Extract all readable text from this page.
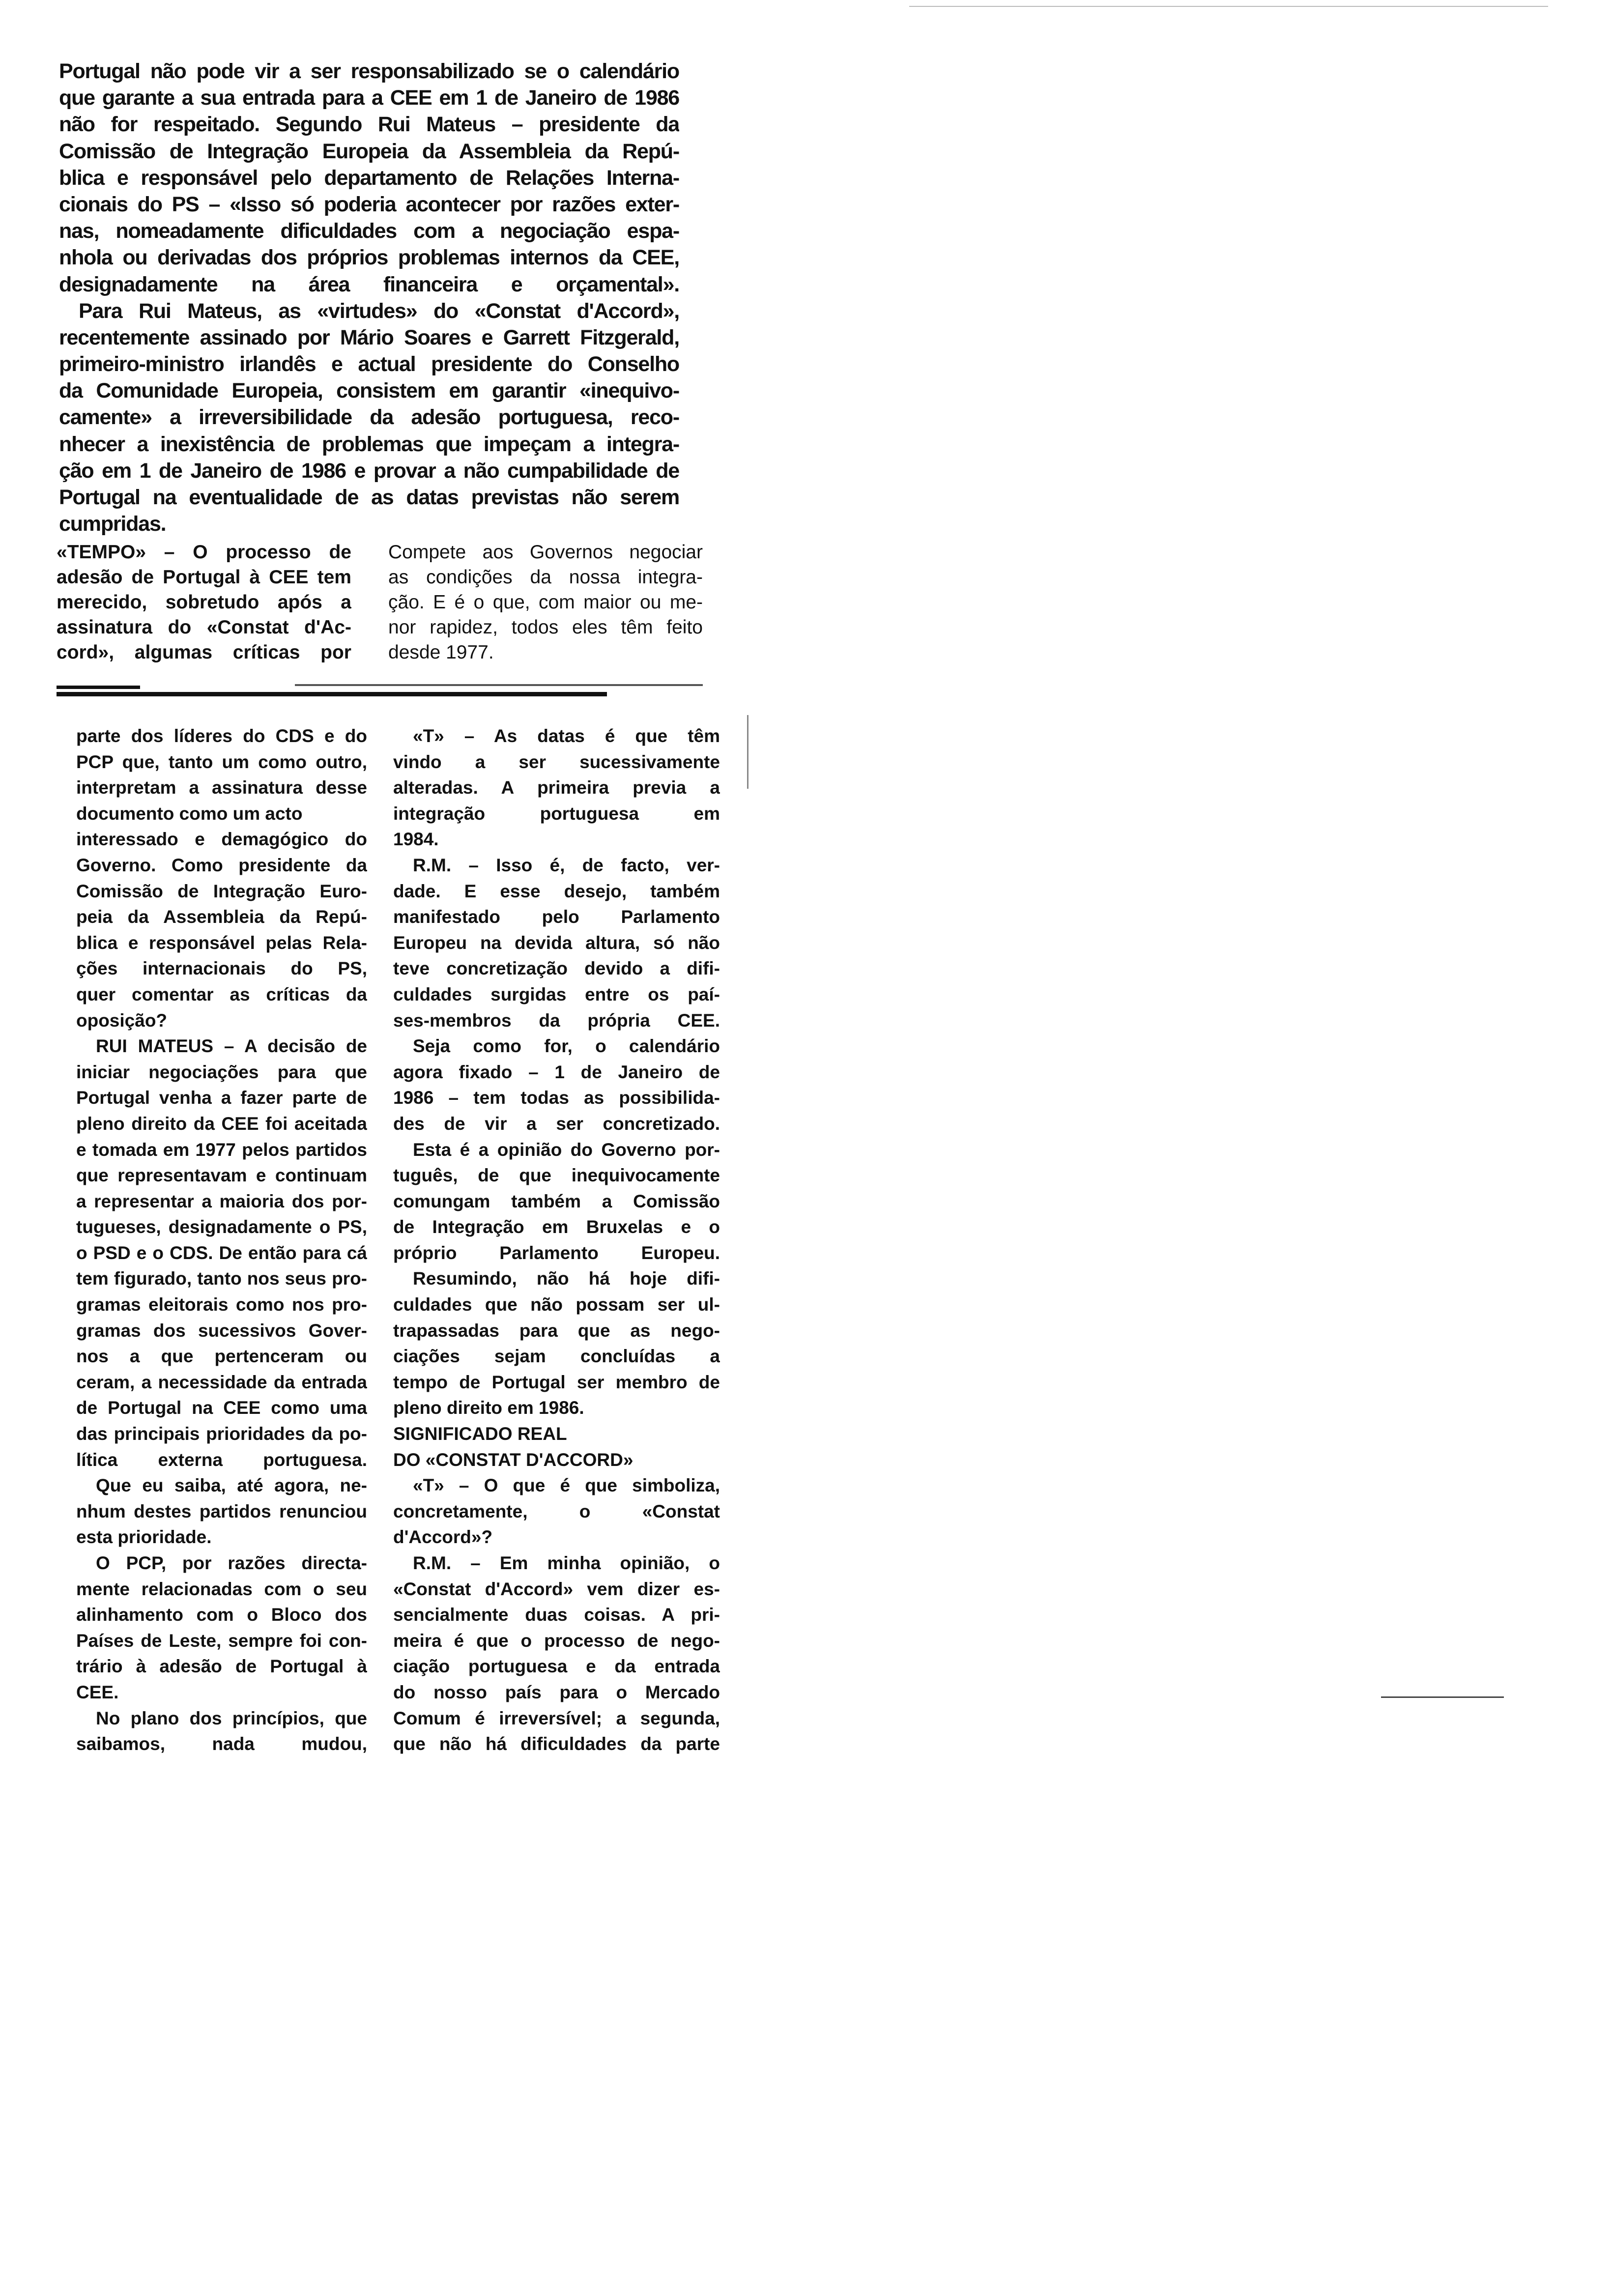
Portugal não pode vir a ser responsabilizado se o calendário
que garante a sua entrada para a CEE em 1 de Janeiro de 1986
não for respeitado. Segundo Rui Mateus – presidente da
Comissão de Integração Europeia da Assembleia da Repú-
blica e responsável pelo departamento de Relações Interna-
cionais do PS – «Isso só poderia acontecer por razões exter-
nas, nomeadamente dificuldades com a negociação espa-
nhola ou derivadas dos próprios problemas internos da CEE,
designadamente na área financeira e orçamental».
Para Rui Mateus, as «virtudes» do «Constat d'Accord»,
recentemente assinado por Mário Soares e Garrett Fitzgerald,
primeiro-ministro irlandês e actual presidente do Conselho
da Comunidade Europeia, consistem em garantir «inequivo-
camente» a irreversibilidade da adesão portuguesa, reco-
nhecer a inexistência de problemas que impeçam a integra-
ção em 1 de Janeiro de 1986 e provar a não cumpabilidade de
Portugal na eventualidade de as datas previstas não serem
cumpridas.
«TEMPO» – O processo de
adesão de Portugal à CEE tem
merecido, sobretudo após a
assinatura do «Constat d'Ac-
cord», algumas críticas por
Compete aos Governos negociar
as condições da nossa integra-
ção. E é o que, com maior ou me-
nor rapidez, todos eles têm feito
desde 1977.
parte dos líderes do CDS e do
PCP que, tanto um como outro,
interpretam a assinatura desse
documento como um acto
interessado e demagógico do
Governo. Como presidente da
Comissão de Integração Euro-
peia da Assembleia da Repú-
blica e responsável pelas Rela-
ções internacionais do PS,
quer comentar as críticas da
oposição?
RUI MATEUS – A decisão de
iniciar negociações para que
Portugal venha a fazer parte de
pleno direito da CEE foi aceitada
e tomada em 1977 pelos partidos
que representavam e continuam
a representar a maioria dos por-
tugueses, designadamente o PS,
o PSD e o CDS. De então para cá
tem figurado, tanto nos seus pro-
gramas eleitorais como nos pro-
gramas dos sucessivos Gover-
nos a que pertenceram ou
ceram, a necessidade da entrada
de Portugal na CEE como uma
das principais prioridades da po-
lítica externa portuguesa.
Que eu saiba, até agora, ne-
nhum destes partidos renunciou
esta prioridade.
O PCP, por razões directa-
mente relacionadas com o seu
alinhamento com o Bloco dos
Países de Leste, sempre foi con-
trário à adesão de Portugal à
CEE.
No plano dos princípios, que
saibamos, nada mudou,
«T» – As datas é que têm
vindo a ser sucessivamente
alteradas. A primeira previa a
integração portuguesa em
1984.
R.M. – Isso é, de facto, ver-
dade. E esse desejo, também
manifestado pelo Parlamento
Europeu na devida altura, só não
teve concretização devido a difi-
culdades surgidas entre os paí-
ses-membros da própria CEE.
Seja como for, o calendário
agora fixado – 1 de Janeiro de
1986 – tem todas as possibilida-
des de vir a ser concretizado.
Esta é a opinião do Governo por-
tuguês, de que inequivocamente
comungam também a Comissão
de Integração em Bruxelas e o
próprio Parlamento Europeu.
Resumindo, não há hoje difi-
culdades que não possam ser ul-
trapassadas para que as nego-
ciações sejam concluídas a
tempo de Portugal ser membro de
pleno direito em 1986.
SIGNIFICADO REAL
DO «CONSTAT D'ACCORD»
«T» – O que é que simboliza,
concretamente, o «Constat
d'Accord»?
R.M. – Em minha opinião, o
«Constat d'Accord» vem dizer es-
sencialmente duas coisas. A pri-
meira é que o processo de nego-
ciação portuguesa e da entrada
do nosso país para o Mercado
Comum é irreversível; a segunda,
que não há dificuldades da parte
